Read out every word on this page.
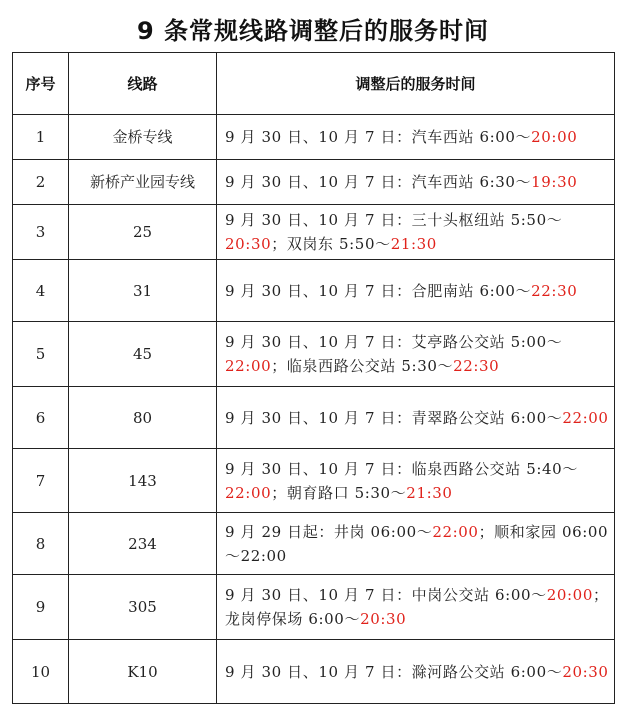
9 条常规线路调整后的服务时间
序号	线路	调整后的服务时间
1	金桥专线	9 月 30 日、10 月 7 日：汽车西站 6:00～20:00
2	新桥产业园专线	9 月 30 日、10 月 7 日：汽车西站 6:30～19:30
3	25	9 月 30 日、10 月 7 日：三十头枢纽站 5:50～20:30；双岗东 5:50～21:30
4	31	9 月 30 日、10 月 7 日：合肥南站 6:00～22:30
5	45	9 月 30 日、10 月 7 日：艾亭路公交站 5:00～22:00；临泉西路公交站 5:30～22:30
6	80	9 月 30 日、10 月 7 日：青翠路公交站 6:00～22:00
7	143	9 月 30 日、10 月 7 日：临泉西路公交站 5:40～22:00；朝育路口 5:30～21:30
8	234	9 月 29 日起：井岗 06:00～22:00；顺和家园 06:00～22:00
9	305	9 月 30 日、10 月 7 日：中岗公交站 6:00～20:00；龙岗停保场 6:00～20:30
10	K10	9 月 30 日、10 月 7 日：滁河路公交站 6:00～20:30
